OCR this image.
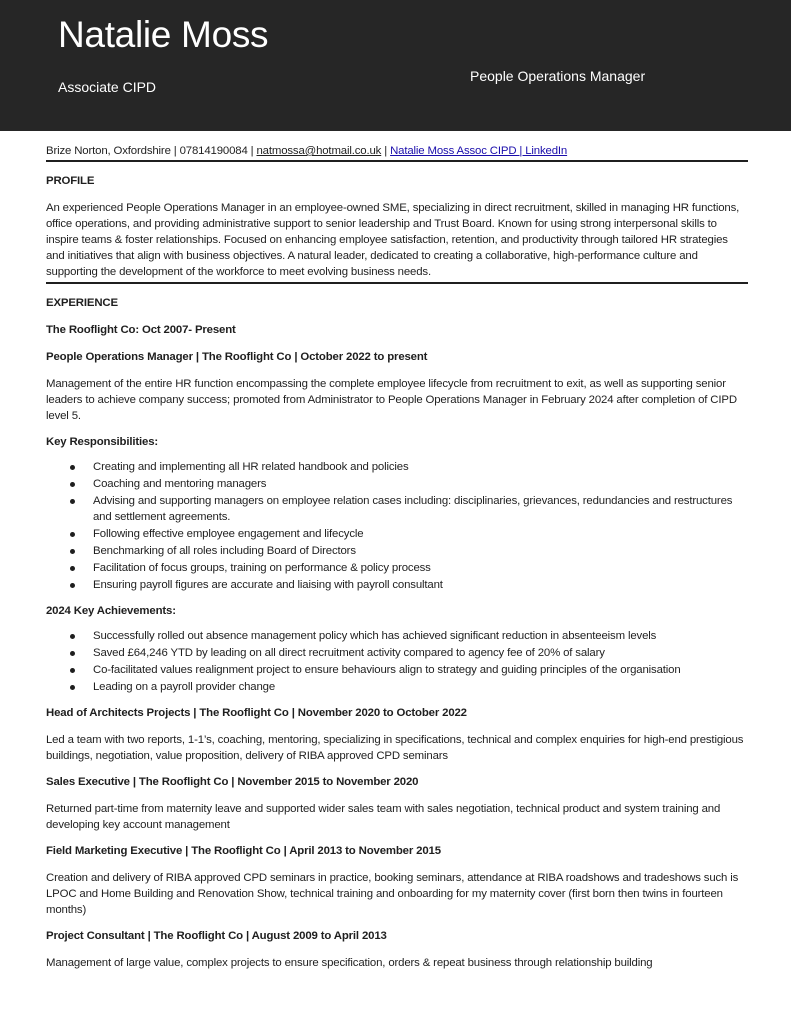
Natalie Moss
Associate CIPD
People Operations Manager
Brize Norton, Oxfordshire | 07814190084 | natmossa@hotmail.co.uk | Natalie Moss Assoc CIPD | LinkedIn
PROFILE
An experienced People Operations Manager in an employee-owned SME, specializing in direct recruitment, skilled in managing HR functions, office operations, and providing administrative support to senior leadership and Trust Board. Known for using strong interpersonal skills to inspire teams & foster relationships. Focused on enhancing employee satisfaction, retention, and productivity through tailored HR strategies and initiatives that align with business objectives. A natural leader, dedicated to creating a collaborative, high-performance culture and supporting the development of the workforce to meet evolving business needs.
EXPERIENCE
The Rooflight Co: Oct 2007- Present
People Operations Manager | The Rooflight Co | October 2022 to present
Management of the entire HR function encompassing the complete employee lifecycle from recruitment to exit, as well as supporting senior leaders to achieve company success; promoted from Administrator to People Operations Manager in February 2024 after completion of CIPD level 5.
Key Responsibilities:
Creating and implementing all HR related handbook and policies
Coaching and mentoring managers
Advising and supporting managers on employee relation cases including: disciplinaries, grievances, redundancies and restructures and settlement agreements.
Following effective employee engagement and lifecycle
Benchmarking of all roles including Board of Directors
Facilitation of focus groups, training on performance & policy process
Ensuring payroll figures are accurate and liaising with payroll consultant
2024 Key Achievements:
Successfully rolled out absence management policy which has achieved significant reduction in absenteeism levels
Saved £64,246 YTD by leading on all direct recruitment activity compared to agency fee of 20% of salary
Co-facilitated values realignment project to ensure behaviours align to strategy and guiding principles of the organisation
Leading on a payroll provider change
Head of Architects Projects | The Rooflight Co | November 2020 to October 2022
Led a team with two reports, 1-1’s, coaching, mentoring, specializing in specifications, technical and complex enquiries for high-end prestigious buildings, negotiation, value proposition, delivery of RIBA approved CPD seminars
Sales Executive | The Rooflight Co | November 2015 to November 2020
Returned part-time from maternity leave and supported wider sales team with sales negotiation, technical product and system training and developing key account management
Field Marketing Executive | The Rooflight Co | April 2013 to November 2015
Creation and delivery of RIBA approved CPD seminars in practice, booking seminars, attendance at RIBA roadshows and tradeshows such is LPOC and Home Building and Renovation Show, technical training and onboarding for my maternity cover (first born then twins in fourteen months)
Project Consultant | The Rooflight Co | August 2009 to April 2013
Management of large value, complex projects to ensure specification, orders & repeat business through relationship building
